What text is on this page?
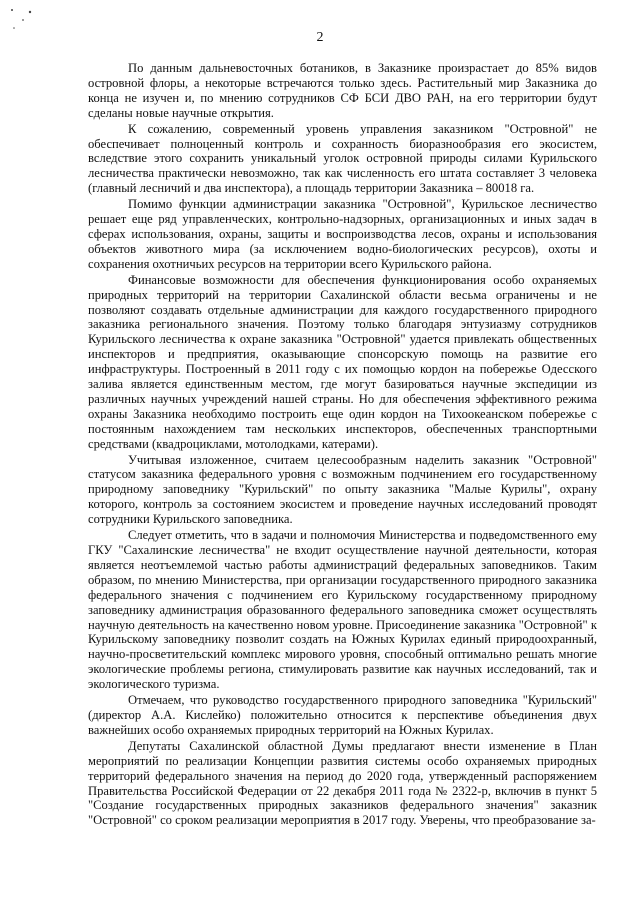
2

По данным дальневосточных ботаников, в Заказнике произрастает до 85% видов островной флоры, а некоторые встречаются только здесь. Растительный мир Заказника до конца не изучен и, по мнению сотрудников СФ БСИ ДВО РАН, на его территории будут сделаны новые научные открытия.

К сожалению, современный уровень управления заказником "Островной" не обеспечивает полноценный контроль и сохранность биоразнообразия его экосистем, вследствие этого сохранить уникальный уголок островной природы силами Курильского лесничества практически невозможно, так как численность его штата составляет 3 человека (главный лесничий и два инспектора), а площадь территории Заказника – 80018 га.

Помимо функции администрации заказника "Островной", Курильское лесничество решает еще ряд управленческих, контрольно-надзорных, организационных и иных задач в сферах использования, охраны, защиты и воспроизводства лесов, охраны и использования объектов животного мира (за исключением водно-биологических ресурсов), охоты и сохранения охотничьих ресурсов на территории всего Курильского района.

Финансовые возможности для обеспечения функционирования особо охраняемых природных территорий на территории Сахалинской области весьма ограничены и не позволяют создавать отдельные администрации для каждого государственного природного заказника регионального значения. Поэтому только благодаря энтузиазму сотрудников Курильского лесничества к охране заказника "Островной" удается привлекать общественных инспекторов и предприятия, оказывающие спонсорскую помощь на развитие его инфраструктуры. Построенный в 2011 году с их помощью кордон на побережье Одесского залива является единственным местом, где могут базироваться научные экспедиции из различных научных учреждений нашей страны. Но для обеспечения эффективного режима охраны Заказника необходимо построить еще один кордон на Тихоокеанском побережье с постоянным нахождением там нескольких инспекторов, обеспеченных транспортными средствами (квадроциклами, мотолодками, катерами).

Учитывая изложенное, считаем целесообразным наделить заказник "Островной" статусом заказника федерального уровня с возможным подчинением его государственному природному заповеднику "Курильский" по опыту заказника "Малые Курилы", охрану которого, контроль за состоянием экосистем и проведение научных исследований проводят сотрудники Курильского заповедника.

Следует отметить, что в задачи и полномочия Министерства и подведомственного ему ГКУ "Сахалинские лесничества" не входит осуществление научной деятельности, которая является неотъемлемой частью работы администраций федеральных заповедников. Таким образом, по мнению Министерства, при организации государственного природного заказника федерального значения с подчинением его Курильскому государственному природному заповеднику администрация образованного федерального заповедника сможет осуществлять научную деятельность на качественно новом уровне. Присоединение заказника "Островной" к Курильскому заповеднику позволит создать на Южных Курилах единый природоохранный, научно-просветительский комплекс мирового уровня, способный оптимально решать многие экологические проблемы региона, стимулировать развитие как научных исследований, так и экологического туризма.

Отмечаем, что руководство государственного природного заповедника "Курильский" (директор А.А. Кислейко) положительно относится к перспективе объединения двух важнейших особо охраняемых природных территорий на Южных Курилах.

Депутаты Сахалинской областной Думы предлагают внести изменение в План мероприятий по реализации Концепции развития системы особо охраняемых природных территорий федерального значения на период до 2020 года, утвержденный распоряжением Правительства Российской Федерации от 22 декабря 2011 года № 2322-р, включив в пункт 5 "Создание государственных природных заказников федерального значения" заказник "Островной" со сроком реализации мероприятия в 2017 году. Уверены, что преобразование за-
